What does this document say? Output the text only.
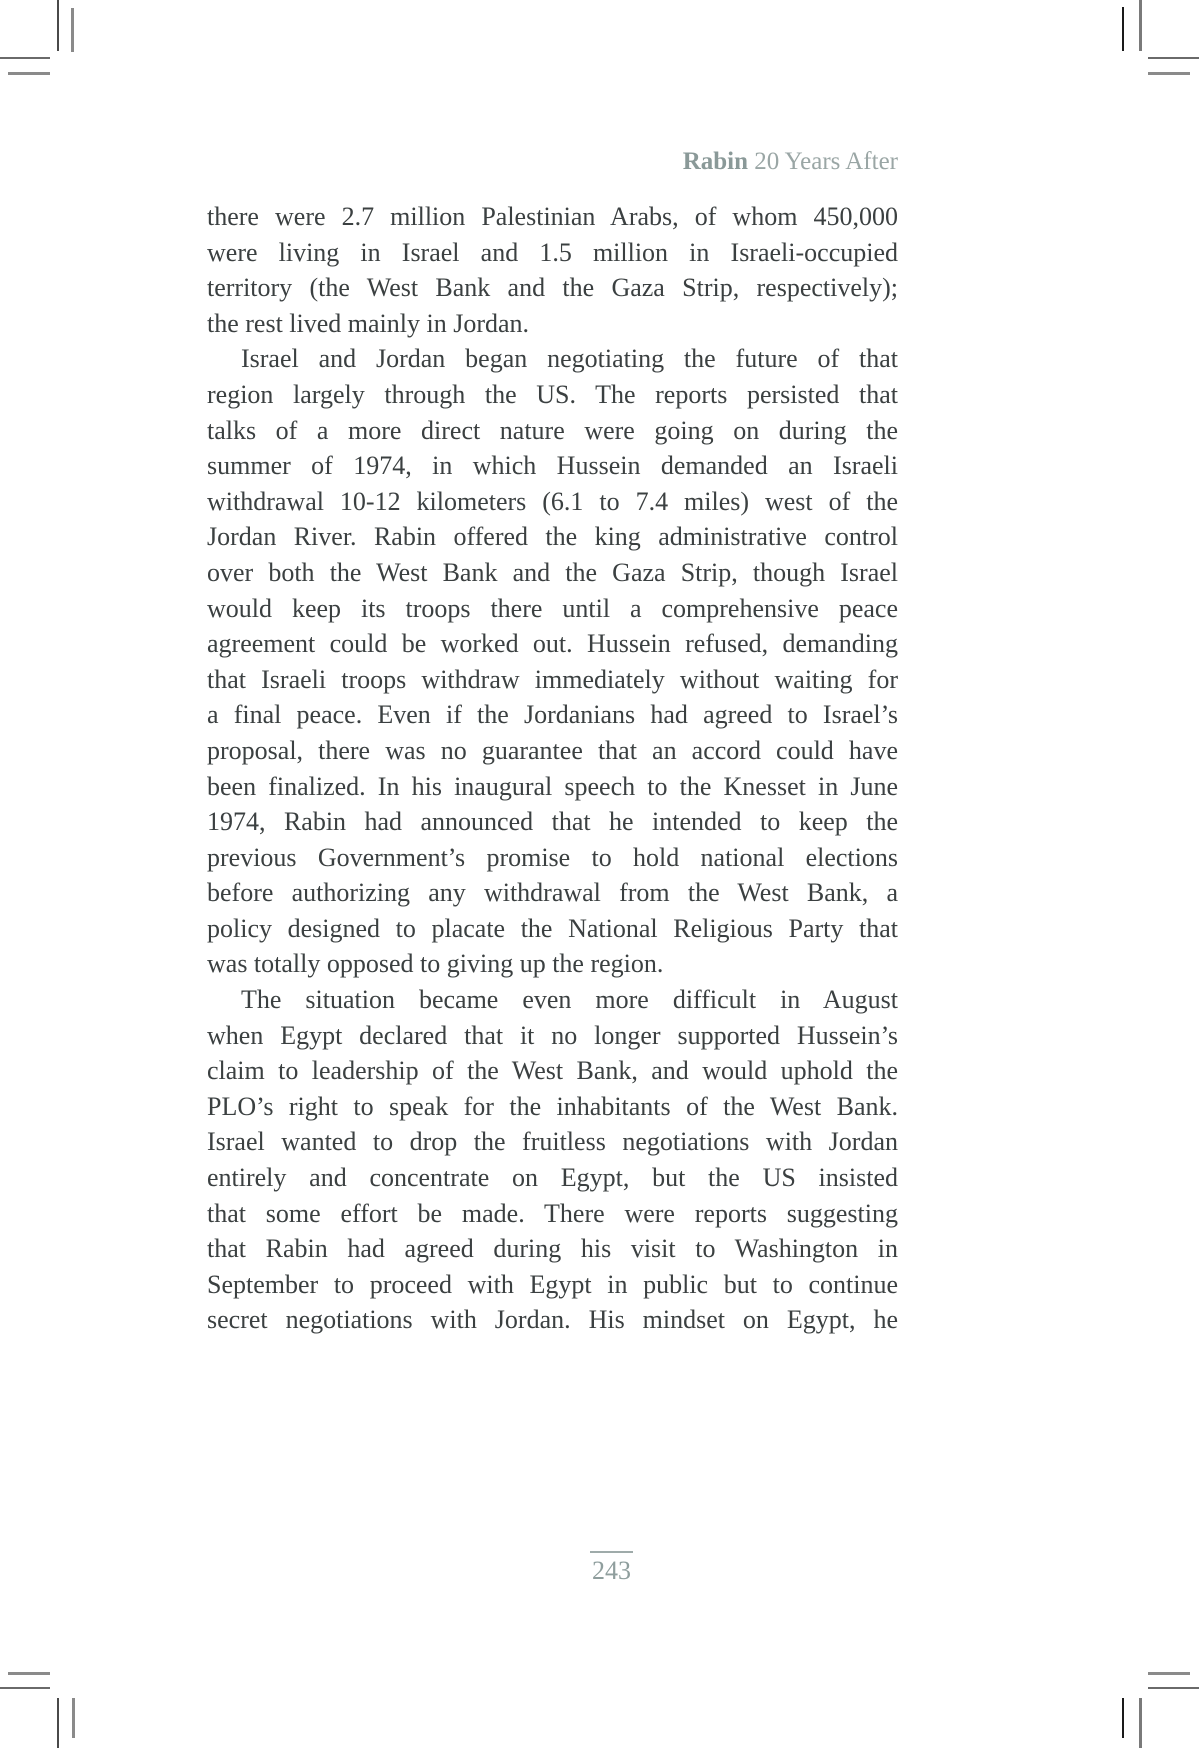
Rabin 20 Years After
there were 2.7 million Palestinian Arabs, of whom 450,000
were living in Israel and 1.5 million in Israeli-occupied
territory (the West Bank and the Gaza Strip, respectively);
the rest lived mainly in Jordan.
Israel and Jordan began negotiating the future of that
region largely through the US. The reports persisted that
talks of a more direct nature were going on during the
summer of 1974, in which Hussein demanded an Israeli
withdrawal 10-12 kilometers (6.1 to 7.4 miles) west of the
Jordan River. Rabin offered the king administrative control
over both the West Bank and the Gaza Strip, though Israel
would keep its troops there until a comprehensive peace
agreement could be worked out. Hussein refused, demanding
that Israeli troops withdraw immediately without waiting for
a final peace. Even if the Jordanians had agreed to Israel’s
proposal, there was no guarantee that an accord could have
been finalized. In his inaugural speech to the Knesset in June
1974, Rabin had announced that he intended to keep the
previous Government’s promise to hold national elections
before authorizing any withdrawal from the West Bank, a
policy designed to placate the National Religious Party that
was totally opposed to giving up the region.
The situation became even more difficult in August
when Egypt declared that it no longer supported Hussein’s
claim to leadership of the West Bank, and would uphold the
PLO’s right to speak for the inhabitants of the West Bank.
Israel wanted to drop the fruitless negotiations with Jordan
entirely and concentrate on Egypt, but the US insisted
that some effort be made. There were reports suggesting
that Rabin had agreed during his visit to Washington in
September to proceed with Egypt in public but to continue
secret negotiations with Jordan. His mindset on Egypt, he
243
